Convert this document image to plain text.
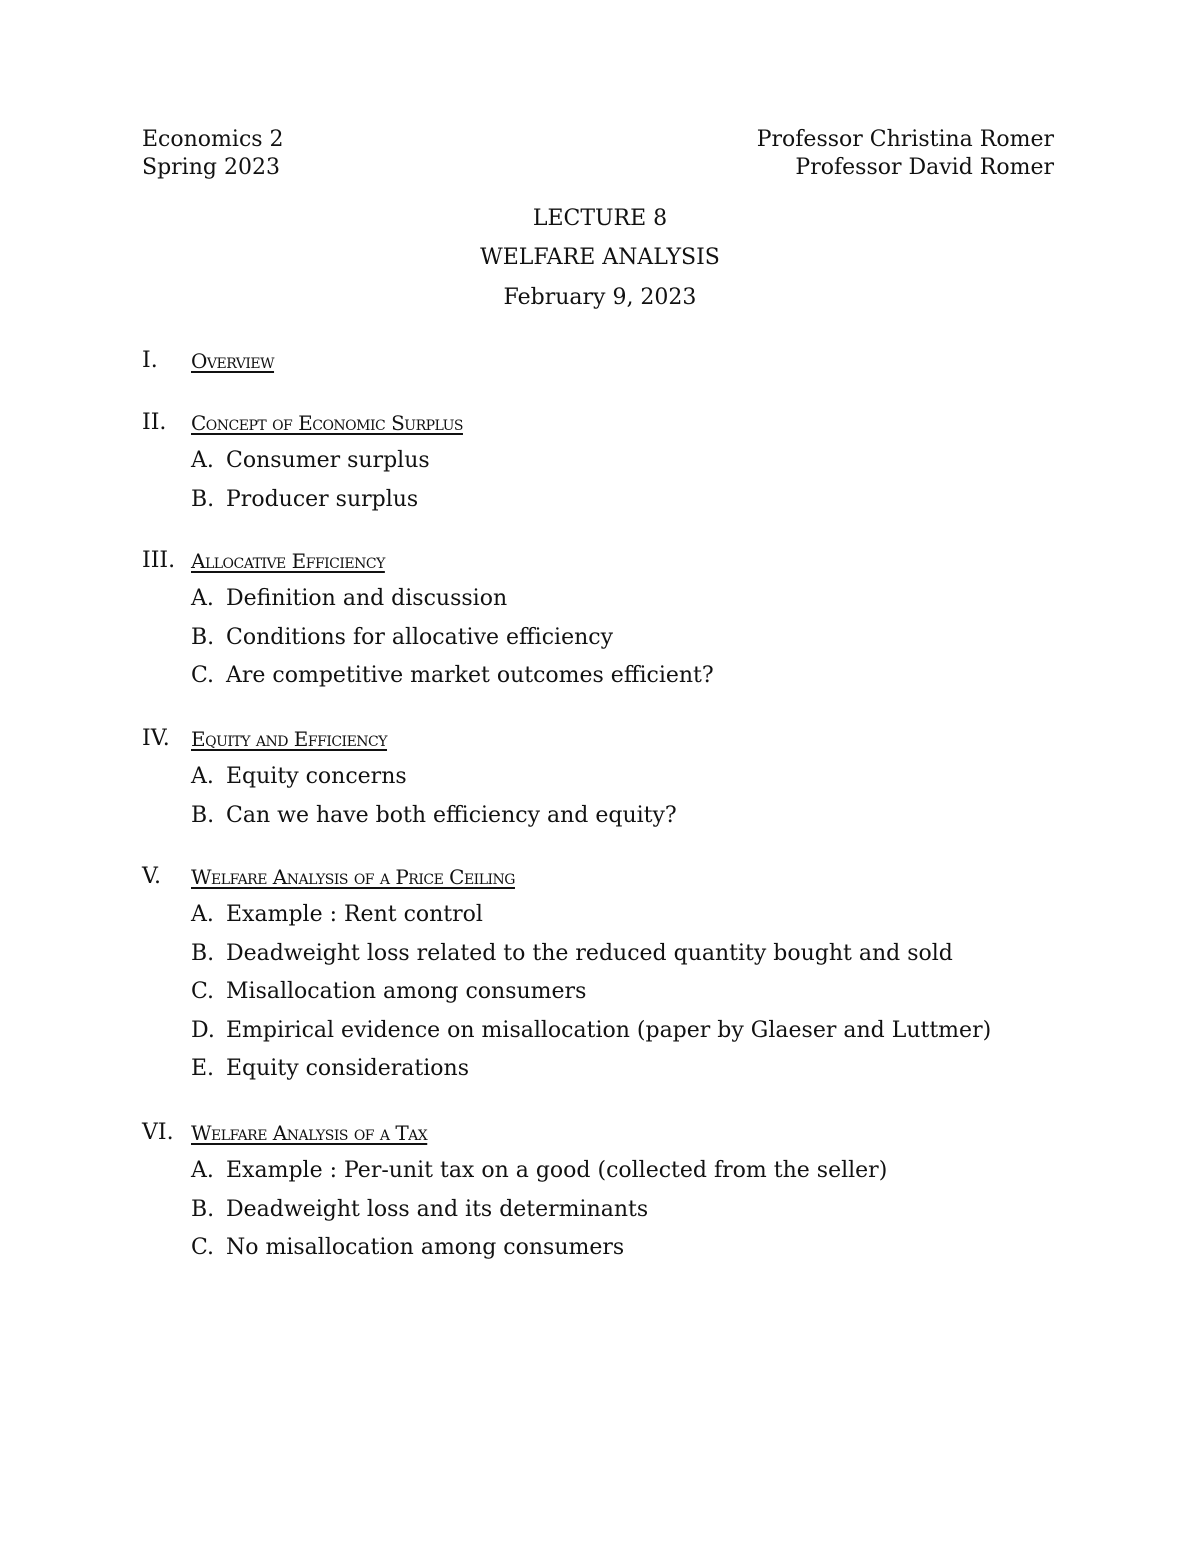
Economics 2
Spring 2023
Professor Christina Romer
Professor David Romer
LECTURE 8
WELFARE ANALYSIS
February 9, 2023
I. Overview
II. Concept of Economic Surplus
A. Consumer surplus
B. Producer surplus
III. Allocative Efficiency
A. Definition and discussion
B. Conditions for allocative efficiency
C. Are competitive market outcomes efficient?
IV. Equity and Efficiency
A. Equity concerns
B. Can we have both efficiency and equity?
V. Welfare Analysis of a Price Ceiling
A. Example : Rent control
B. Deadweight loss related to the reduced quantity bought and sold
C. Misallocation among consumers
D. Empirical evidence on misallocation (paper by Glaeser and Luttmer)
E. Equity considerations
VI. Welfare Analysis of a Tax
A. Example : Per-unit tax on a good (collected from the seller)
B. Deadweight loss and its determinants
C. No misallocation among consumers
